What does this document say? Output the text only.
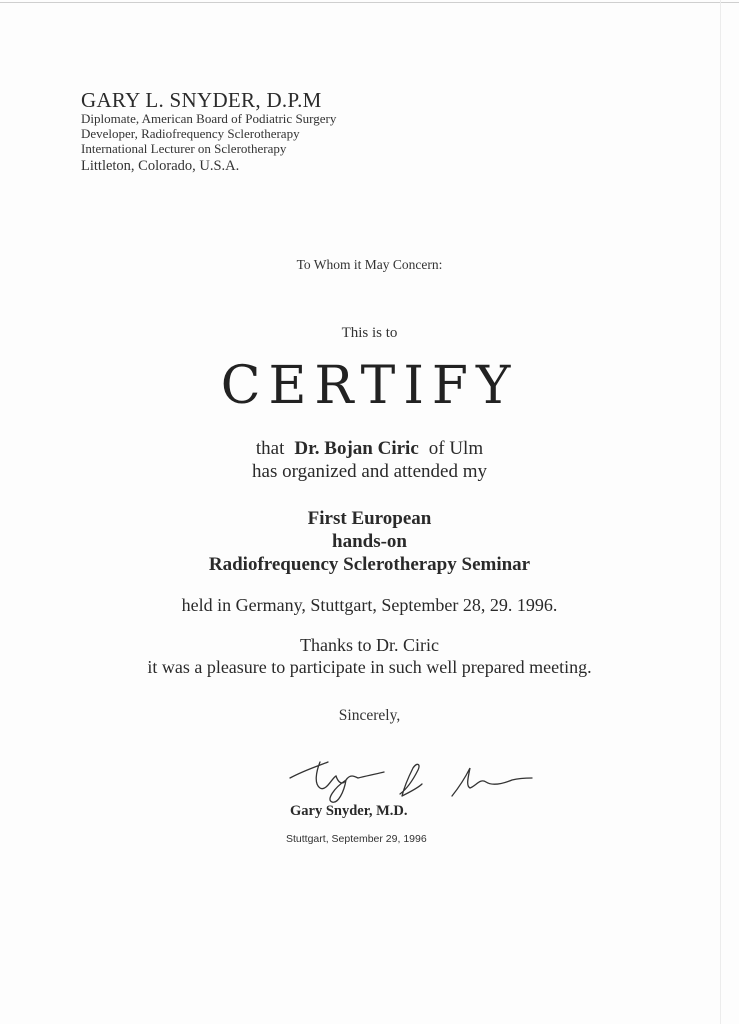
GARY L. SNYDER, D.P.M
Diplomate, American Board of Podiatric Surgery
Developer, Radiofrequency Sclerotherapy
International Lecturer on Sclerotherapy
Littleton, Colorado, U.S.A.
To Whom it May Concern:
This is to
CERTIFY
that Dr. Bojan Ciric of Ulm
has organized and attended my
First European
hands-on
Radiofrequency Sclerotherapy Seminar
held in Germany, Stuttgart, September 28, 29. 1996.
Thanks to Dr. Ciric
it was a pleasure to participate in such well prepared meeting.
Sincerely,
Gary Snyder, M.D.
Stuttgart, September 29, 1996
